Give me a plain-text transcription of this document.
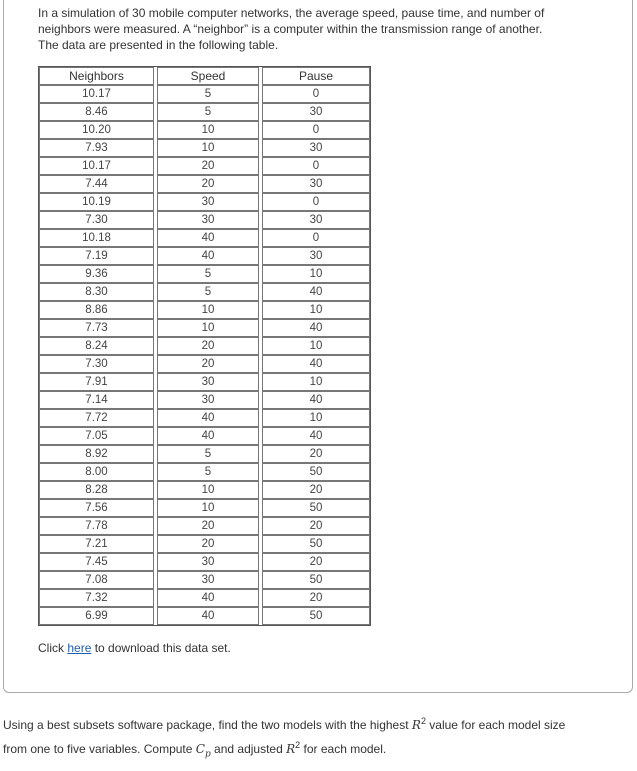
In a simulation of 30 mobile computer networks, the average speed, pause time, and number of
neighbors were measured. A “neighbor” is a computer within the transmission range of another.
The data are presented in the following table.
Neighbors		Speed		Pause
10.17		5		0
8.46		5		30
10.20		10		0
7.93		10		30
10.17		20		0
7.44		20		30
10.19		30		0
7.30		30		30
10.18		40		0
7.19		40		30
9.36		5		10
8.30		5		40
8.86		10		10
7.73		10		40
8.24		20		10
7.30		20		40
7.91		30		10
7.14		30		40
7.72		40		10
7.05		40		40
8.92		5		20
8.00		5		50
8.28		10		20
7.56		10		50
7.78		20		20
7.21		20		50
7.45		30		20
7.08		30		50
7.32		40		20
6.99		40		50
Click here to download this data set.
Using a best subsets software package, find the two models with the highest $R^2$ value for each model size
from one to five variables. Compute $C_p$ and adjusted $R^2$ for each model.
